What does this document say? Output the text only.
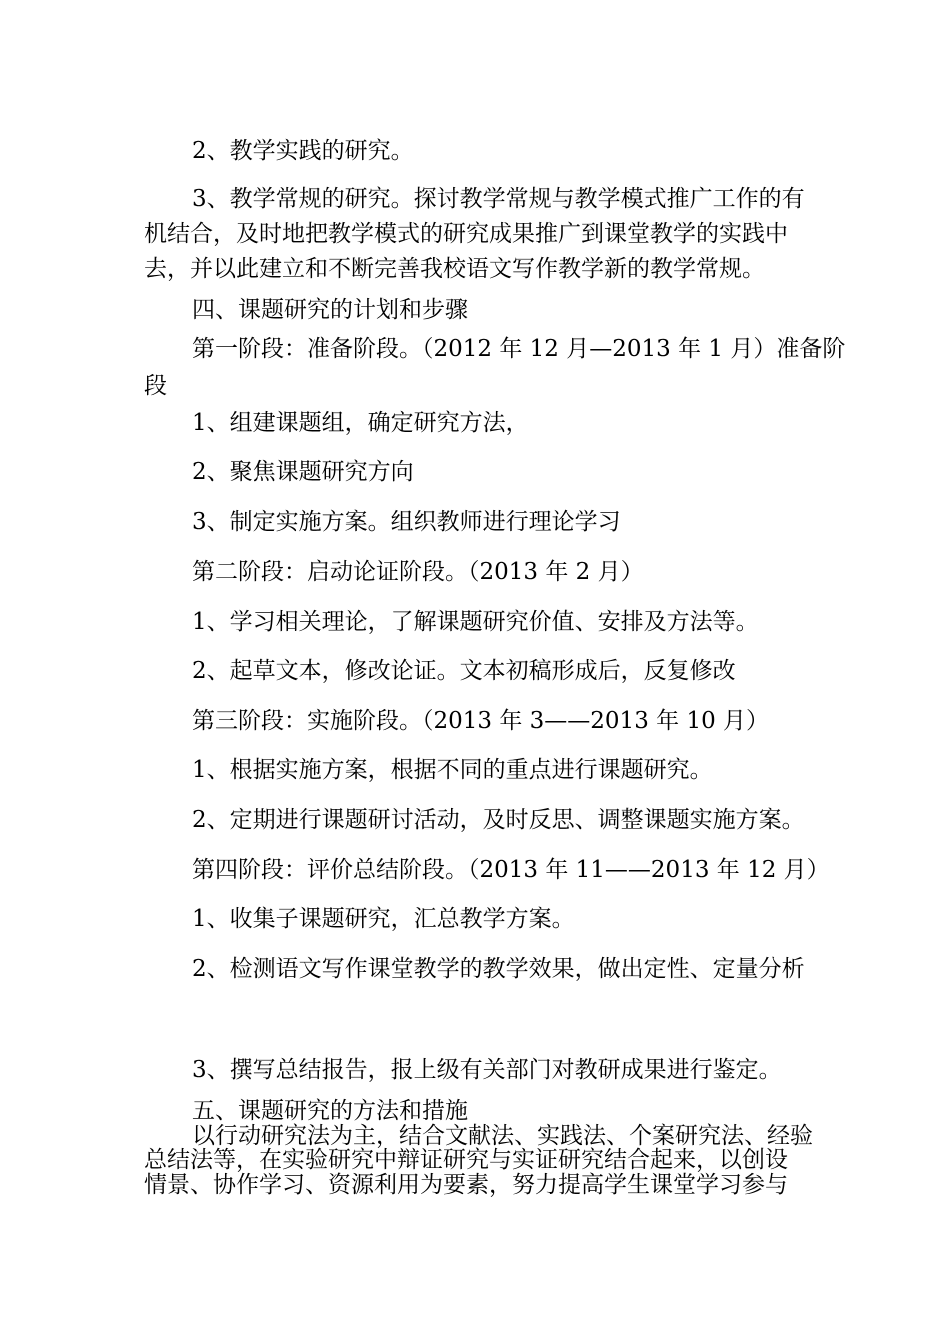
2、教学实践的研究。
3、教学常规的研究。探讨教学常规与教学模式推广工作的有
机结合，及时地把教学模式的研究成果推广到课堂教学的实践中
去，并以此建立和不断完善我校语文写作教学新的教学常规。
四、课题研究的计划和步骤
第一阶段：准备阶段。（2012 年 12 月—2013 年 1 月）准备阶
段
1、组建课题组，确定研究方法，
2、聚焦课题研究方向
3、制定实施方案。组织教师进行理论学习
第二阶段：启动论证阶段。（2013 年 2 月）
1、学习相关理论，了解课题研究价值、安排及方法等。
2、起草文本，修改论证。文本初稿形成后，反复修改
第三阶段：实施阶段。（2013 年 3——2013 年 10 月）
1、根据实施方案，根据不同的重点进行课题研究。
2、定期进行课题研讨活动，及时反思、调整课题实施方案。
第四阶段：评价总结阶段。（2013 年 11——2013 年 12 月）
1、收集子课题研究，汇总教学方案。
2、检测语文写作课堂教学的教学效果，做出定性、定量分析
3、撰写总结报告，报上级有关部门对教研成果进行鉴定。
五、课题研究的方法和措施
以行动研究法为主，结合文献法、实践法、个案研究法、经验
总结法等，在实验研究中辩证研究与实证研究结合起来，以创设
情景、协作学习、资源利用为要素，努力提高学生课堂学习参与
